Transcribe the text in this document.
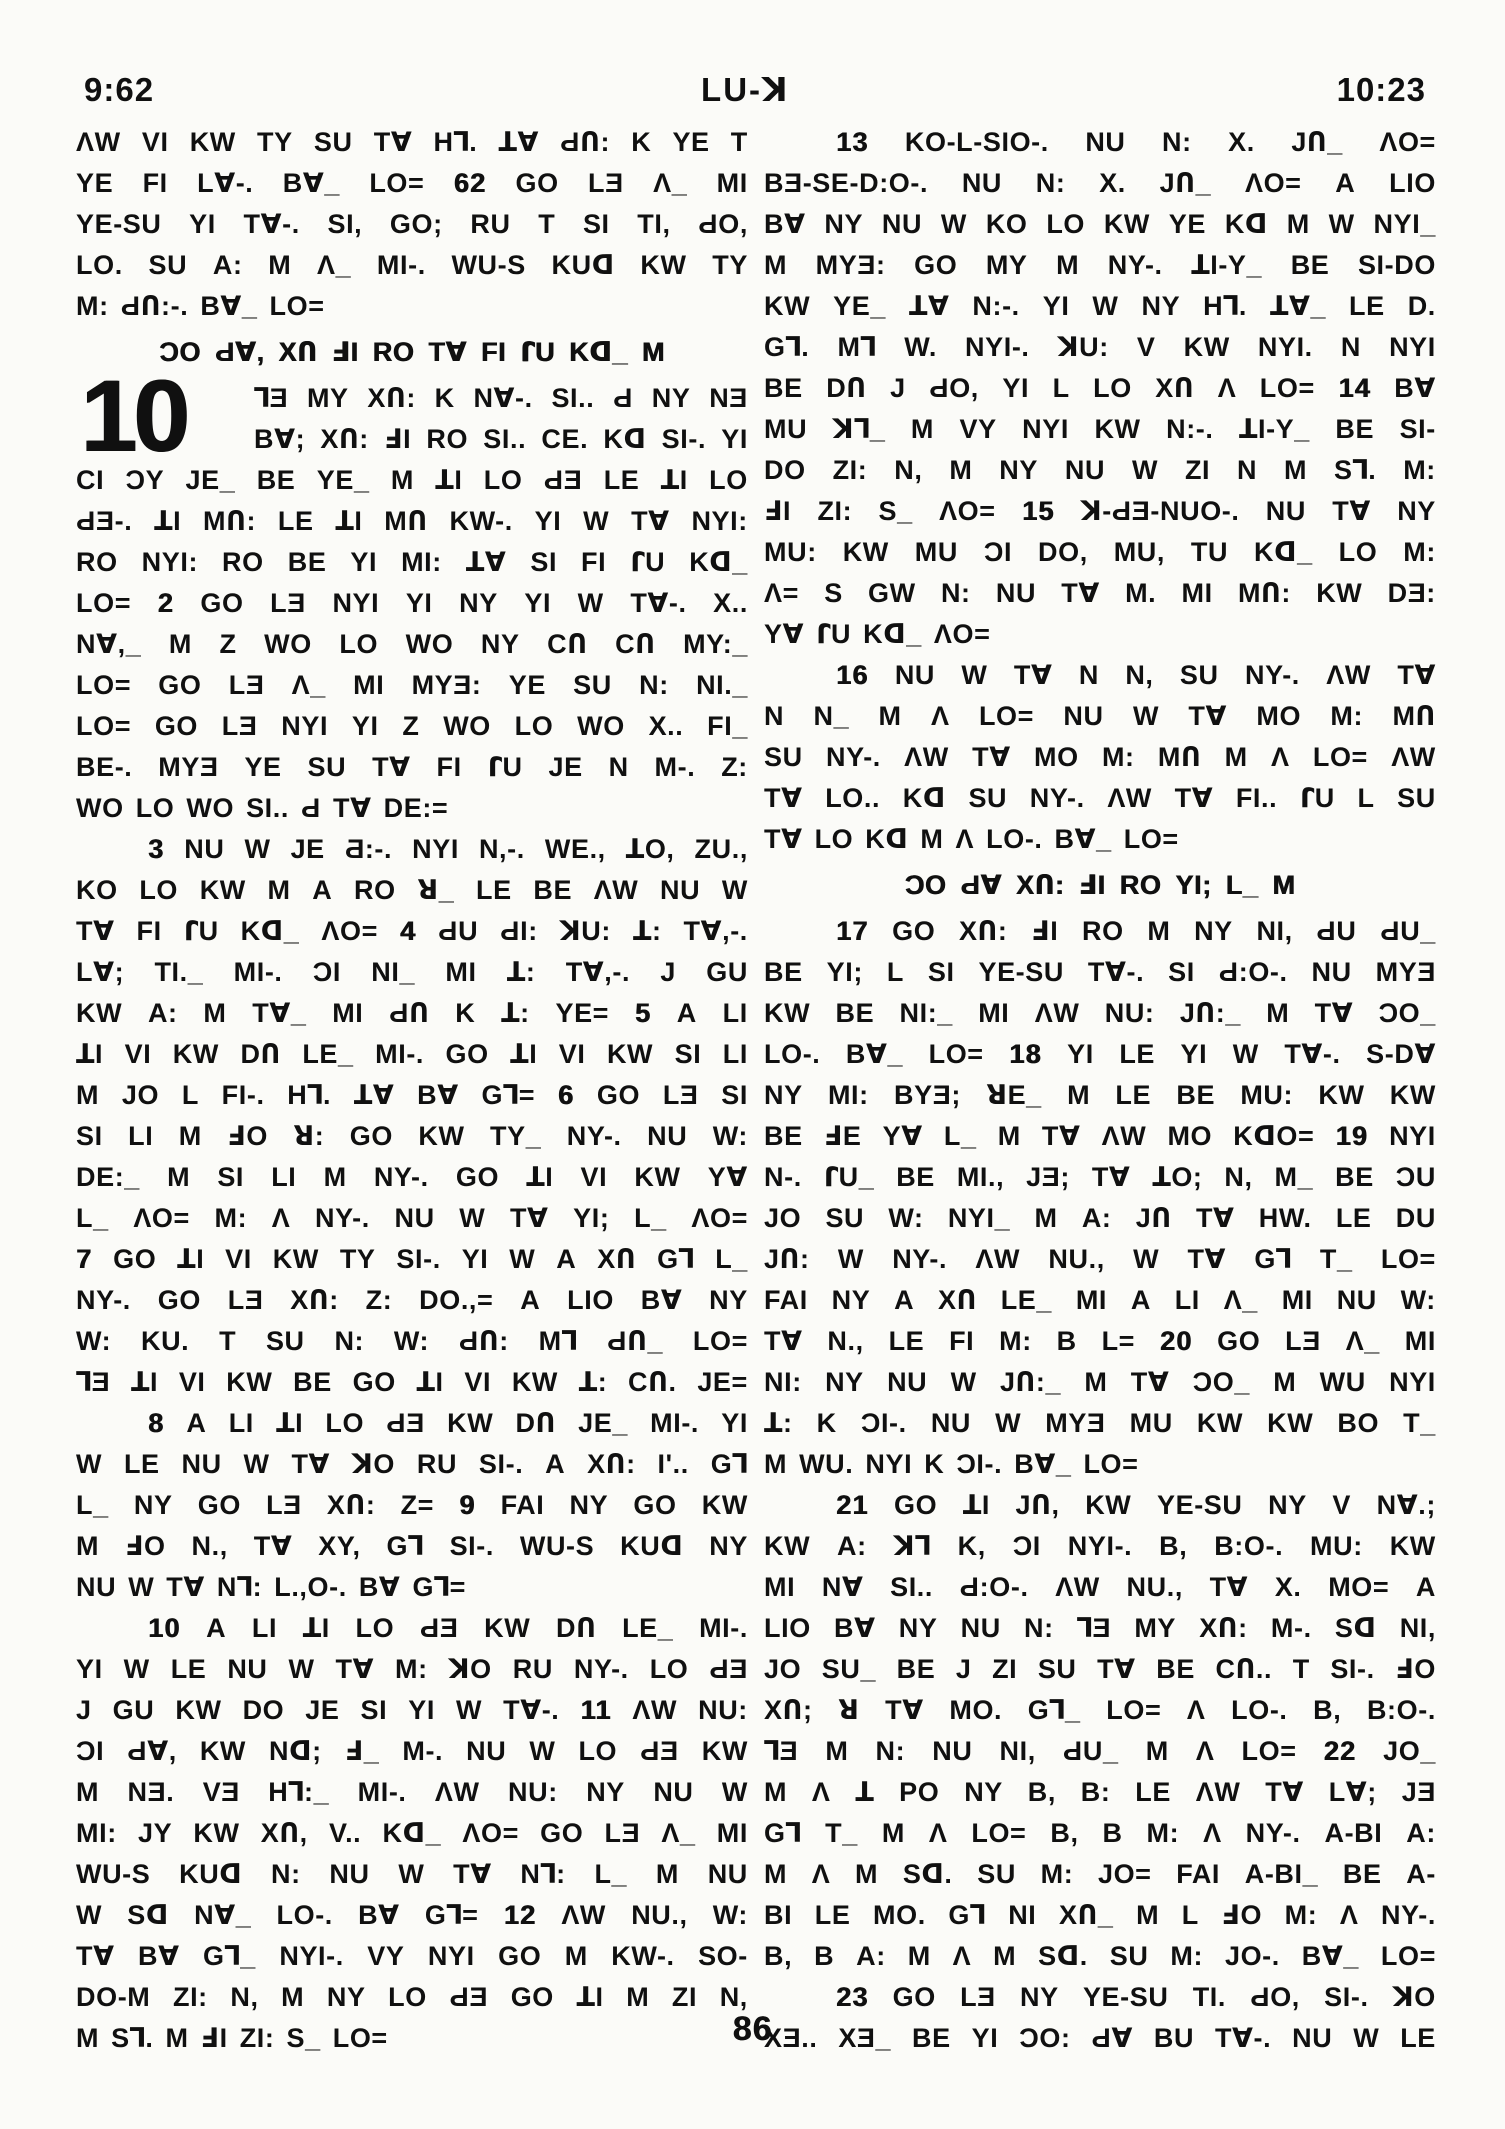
9:62	LU-ꓘ	10:23
10
ɅW VI KW TY SU TⱯ Hꓶ. ꓕⱯ ԀՈ: K YE T
YE FI LⱯ-. BⱯ_ LO= 62 GO LƎ Ʌ_ MI
YE-SU YI TⱯ-. SI, GO; RU T SI TI, ԀO,
LO. SU A: M Ʌ_ MI-. WU-S KUꓷ KW TY
M: ԀՈ:-. BⱯ_ LO=
ƆO ԀⱯ, XՈ ℲI RO TⱯ FI ꓩU Kꓷ_ M
ꓶƎ MY XՈ: K NⱯ-. SI.. Ԁ NY NƎ
BⱯ; XՈ: ℲI RO SI.. CE. Kꓷ SI-. YI
CI ƆY JE_ BE YE_ M ꓕI LO ԀƎ LE ꓕI LO
ԀƎ-. ꓕI MՈ: LE ꓕI MՈ KW-. YI W TⱯ NYI:
RO NYI: RO BE YI MI: ꓕⱯ SI FI ꓩU Kꓷ_
LO= 2 GO LƎ NYI YI NY YI W TⱯ-. X..
NⱯ,_ M Z WO LO WO NY CՈ CՈ MY:_
LO= GO LƎ Ʌ_ MI MYƎ: YE SU N: NI._
LO= GO LƎ NYI YI Z WO LO WO X.. FI_
BE-. MYƎ YE SU TⱯ FI ꓩU JE N M-. Z:
WO LO WO SI.. Ԁ TⱯ DE:=
3 NU W JE Ƌ:-. NYI N,-. WE., ꓕO, ZU.,
KO LO KW M A RO ꓤ_ LE BE ɅW NU W
TⱯ FI ꓩU Kꓷ_ ɅO= 4 ԀU ԀI: ꓘU: ꓕ: TⱯ,-.
LⱯ; TI._ MI-. ƆI NI_ MI ꓕ: TⱯ,-. J GU
KW A: M TⱯ_ MI ԀՈ K ꓕ: YE= 5 A LI
ꓕI VI KW DՈ LE_ MI-. GO ꓕI VI KW SI LI
M JO L FI-. Hꓶ. ꓕⱯ BⱯ Gꓶ= 6 GO LƎ SI
SI LI M ℲO ꓤ: GO KW TY_ NY-. NU W:
DE:_ M SI LI M NY-. GO ꓕI VI KW YⱯ
L_ ɅO= M: Ʌ NY-. NU W TⱯ YI; L_ ɅO=
7 GO ꓕI VI KW TY SI-. YI W A XՈ Gꓶ L_
NY-. GO LƎ XՈ: Z: DO.,= A LIO BⱯ NY
W: KU. T SU N: W: ԀՈ: Mꓶ ԀՈ_ LO=
ꓶƎ ꓕI VI KW BE GO ꓕI VI KW ꓕ: CՈ. JE=
8 A LI ꓕI LO ԀƎ KW DՈ JE_ MI-. YI
W LE NU W TⱯ ꓘO RU SI-. A XՈ: I'.. Gꓶ
L_ NY GO LƎ XՈ: Z= 9 FAI NY GO KW
M ℲO N., TⱯ XY, Gꓶ SI-. WU-S KUꓷ NY
NU W TⱯ Nꓶ: L.,O-. BⱯ Gꓶ=
10 A LI ꓕI LO ԀƎ KW DՈ LE_ MI-.
YI W LE NU W TⱯ M: ꓘO RU NY-. LO ԀƎ
J GU KW DO JE SI YI W TⱯ-. 11 ɅW NU:
ƆI ԀⱯ, KW Nꓷ; Ⅎ_ M-. NU W LO ԀƎ KW
M NƎ. VƎ Hꓶ:_ MI-. ɅW NU: NY NU W
MI: JY KW XՈ, V.. Kꓷ_ ɅO= GO LƎ Ʌ_ MI
WU-S KUꓷ N: NU W TⱯ Nꓶ: L_ M NU
W Sꓷ NⱯ_ LO-. BⱯ Gꓶ= 12 ɅW NU., W:
TⱯ BⱯ Gꓶ_ NYI-. VY NYI GO M KW-. SO-
DO-M ZI: N, M NY LO ԀƎ GO ꓕI M ZI N,
M Sꓶ. M ℲI ZI: S_ LO=
13 KO-L-SIO-. NU N: X. JՈ_ ɅO=
BƎ-SE-D:O-. NU N: X. JՈ_ ɅO= A LIO
BⱯ NY NU W KO LO KW YE Kꓷ M W NYI_
M MYƎ: GO MY M NY-. ꓕI-Y_ BE SI-DO
KW YE_ ꓕⱯ N:-. YI W NY Hꓶ. ꓕⱯ_ LE D.
Gꓶ. Mꓶ W. NYI-. ꓘU: V KW NYI. N NYI
BE DՈ J ԀO, YI L LO XՈ Ʌ LO= 14 BⱯ
MU ꓘꓶ_ M VY NYI KW N:-. ꓕI-Y_ BE SI-
DO ZI: N, M NY NU W ZI N M Sꓶ. M:
ℲI ZI: S_ ɅO= 15 ꓘ-ԀƎ-NUO-. NU TⱯ NY
MU: KW MU ƆI DO, MU, TU Kꓷ_ LO M:
Ʌ= S GW N: NU TⱯ M. MI MՈ: KW DƎ:
YⱯ ꓩU Kꓷ_ ɅO=
16 NU W TⱯ N N, SU NY-. ɅW TⱯ
N N_ M Ʌ LO= NU W TⱯ MO M: MՈ
SU NY-. ɅW TⱯ MO M: MՈ M Ʌ LO= ɅW
TⱯ LO.. Kꓷ SU NY-. ɅW TⱯ FI.. ꓩU L SU
TⱯ LO Kꓷ M Ʌ LO-. BⱯ_ LO=
ƆO ԀⱯ XՈ: ℲI RO YI; L_ M
17 GO XՈ: ℲI RO M NY NI, ԀU ԀU_
BE YI; L SI YE-SU TⱯ-. SI Ԁ:O-. NU MYƎ
KW BE NI:_ MI ɅW NU: JՈ:_ M TⱯ ƆO_
LO-. BⱯ_ LO= 18 YI LE YI W TⱯ-. S-DⱯ
NY MI: BYƎ; ꓤE_ M LE BE MU: KW KW
BE ℲE YⱯ L_ M TⱯ ɅW MO KꓷO= 19 NYI
N-. ꓩU_ BE MI., JƎ; TⱯ ꓕO; N, M_ BE ƆU
JO SU W: NYI_ M A: JՈ TⱯ HW. LE DU
JՈ: W NY-. ɅW NU., W TⱯ Gꓶ T_ LO=
FAI NY A XՈ LE_ MI A LI Ʌ_ MI NU W:
TⱯ N., LE FI M: B L= 20 GO LƎ Ʌ_ MI
NI: NY NU W JՈ:_ M TⱯ ƆO_ M WU NYI
ꓕ: K ƆI-. NU W MYƎ MU KW KW BO T_
M WU. NYI K ƆI-. BⱯ_ LO=
21 GO ꓕI JՈ, KW YE-SU NY V NⱯ.;
KW A: ꓘꓶ K, ƆI NYI-. B, B:O-. MU: KW
MI NⱯ SI.. Ԁ:O-. ɅW NU., TⱯ X. MO= A
LIO BⱯ NY NU N: ꓶƎ MY XՈ: M-. Sꓷ NI,
JO SU_ BE J ZI SU TⱯ BE CՈ.. T SI-. ℲO
XՈ; ꓤ TⱯ MO. Gꓶ_ LO= Ʌ LO-. B, B:O-.
ꓶƎ M N: NU NI, ԀU_ M Ʌ LO= 22 JO_
M Ʌ ꓕ PO NY B, B: LE ɅW TⱯ LⱯ; JƎ
Gꓶ T_ M Ʌ LO= B, B M: Ʌ NY-. A-BI A:
M Ʌ M Sꓷ. SU M: JO= FAI A-BI_ BE A-
BI LE MO. Gꓶ NI XՈ_ M L ℲO M: Ʌ NY-.
B, B A: M Ʌ M Sꓷ. SU M: JO-. BⱯ_ LO=
23 GO LƎ NY YE-SU TI. ԀO, SI-. ꓘO
XƎ.. XƎ_ BE YI ƆO: ԀⱯ BU TⱯ-. NU W LE
86
